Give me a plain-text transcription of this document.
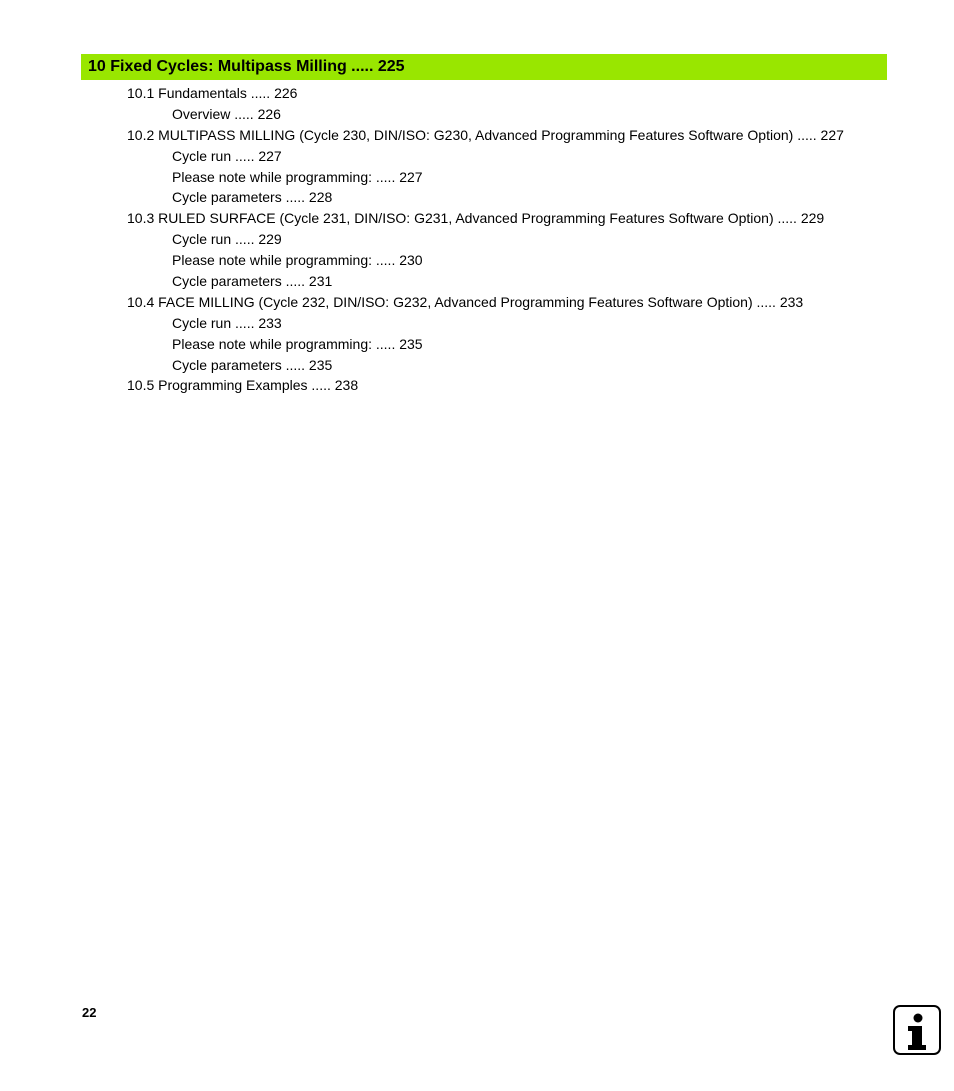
10 Fixed Cycles: Multipass Milling ..... 225
10.1 Fundamentals ..... 226
Overview ..... 226
10.2 MULTIPASS MILLING (Cycle 230, DIN/ISO: G230, Advanced Programming Features Software Option) ..... 227
Cycle run ..... 227
Please note while programming: ..... 227
Cycle parameters ..... 228
10.3 RULED SURFACE (Cycle 231, DIN/ISO: G231, Advanced Programming Features Software Option) ..... 229
Cycle run ..... 229
Please note while programming: ..... 230
Cycle parameters ..... 231
10.4 FACE MILLING (Cycle 232, DIN/ISO: G232, Advanced Programming Features Software Option) ..... 233
Cycle run ..... 233
Please note while programming: ..... 235
Cycle parameters ..... 235
10.5 Programming Examples ..... 238
22
